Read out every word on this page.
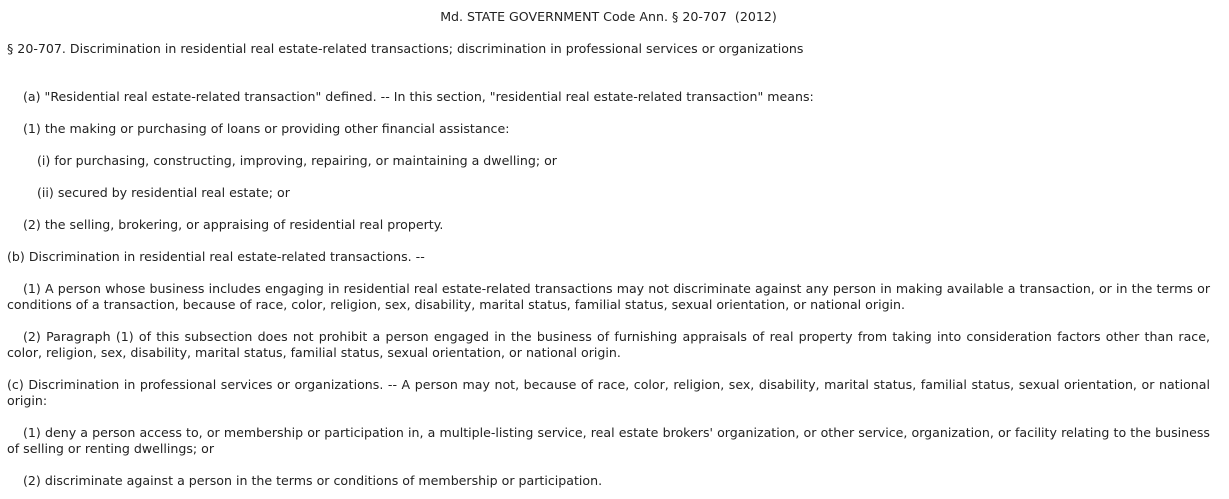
Md. STATE GOVERNMENT Code Ann. § 20-707  (2012)
§ 20-707. Discrimination in residential real estate-related transactions; discrimination in professional services or organizations
(a) "Residential real estate-related transaction" defined. -- In this section, "residential real estate-related transaction" means:
(1) the making or purchasing of loans or providing other financial assistance:
(i) for purchasing, constructing, improving, repairing, or maintaining a dwelling; or
(ii) secured by residential real estate; or
(2) the selling, brokering, or appraising of residential real property.
(b) Discrimination in residential real estate-related transactions. --
(1) A person whose business includes engaging in residential real estate-related transactions may not discriminate against any person in making available a transaction, or in the terms or conditions of a transaction, because of race, color, religion, sex, disability, marital status, familial status, sexual orientation, or national origin.
(2) Paragraph (1) of this subsection does not prohibit a person engaged in the business of furnishing appraisals of real property from taking into consideration factors other than race, color, religion, sex, disability, marital status, familial status, sexual orientation, or national origin.
(c) Discrimination in professional services or organizations. -- A person may not, because of race, color, religion, sex, disability, marital status, familial status, sexual orientation, or national origin:
(1) deny a person access to, or membership or participation in, a multiple-listing service, real estate brokers' organization, or other service, organization, or facility relating to the business of selling or renting dwellings; or
(2) discriminate against a person in the terms or conditions of membership or participation.
